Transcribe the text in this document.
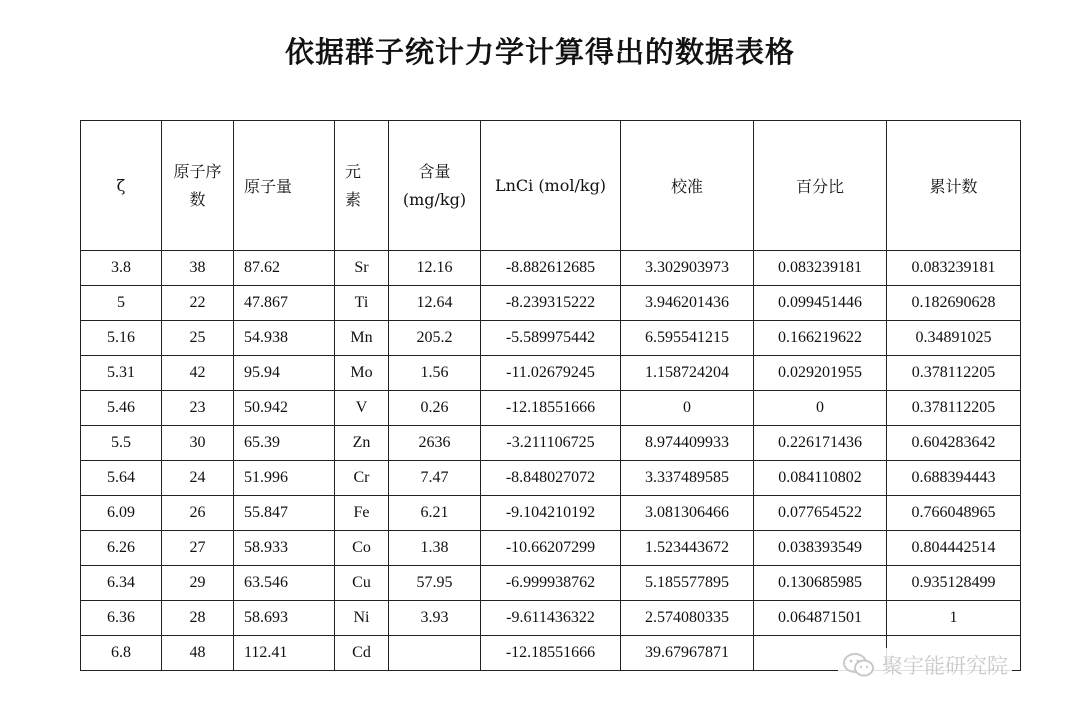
依据群子统计力学计算得出的数据表格
ζ	原子序数	原子量	元素	含量(mg/kg)	LnCi (mol/kg)	校准	百分比	累计数
3.8	38	87.62	Sr	12.16	-8.882612685	3.302903973	0.083239181	0.083239181
5	22	47.867	Ti	12.64	-8.239315222	3.946201436	0.099451446	0.182690628
5.16	25	54.938	Mn	205.2	-5.589975442	6.595541215	0.166219622	0.34891025
5.31	42	95.94	Mo	1.56	-11.02679245	1.158724204	0.029201955	0.378112205
5.46	23	50.942	V	0.26	-12.18551666	0	0	0.378112205
5.5	30	65.39	Zn	2636	-3.211106725	8.974409933	0.226171436	0.604283642
5.64	24	51.996	Cr	7.47	-8.848027072	3.337489585	0.084110802	0.688394443
6.09	26	55.847	Fe	6.21	-9.104210192	3.081306466	0.077654522	0.766048965
6.26	27	58.933	Co	1.38	-10.66207299	1.523443672	0.038393549	0.804442514
6.34	29	63.546	Cu	57.95	-6.999938762	5.185577895	0.130685985	0.935128499
6.36	28	58.693	Ni	3.93	-9.611436322	2.574080335	0.064871501	1
6.8	48	112.41	Cd		-12.18551666	39.67967871		
聚宇能研究院
